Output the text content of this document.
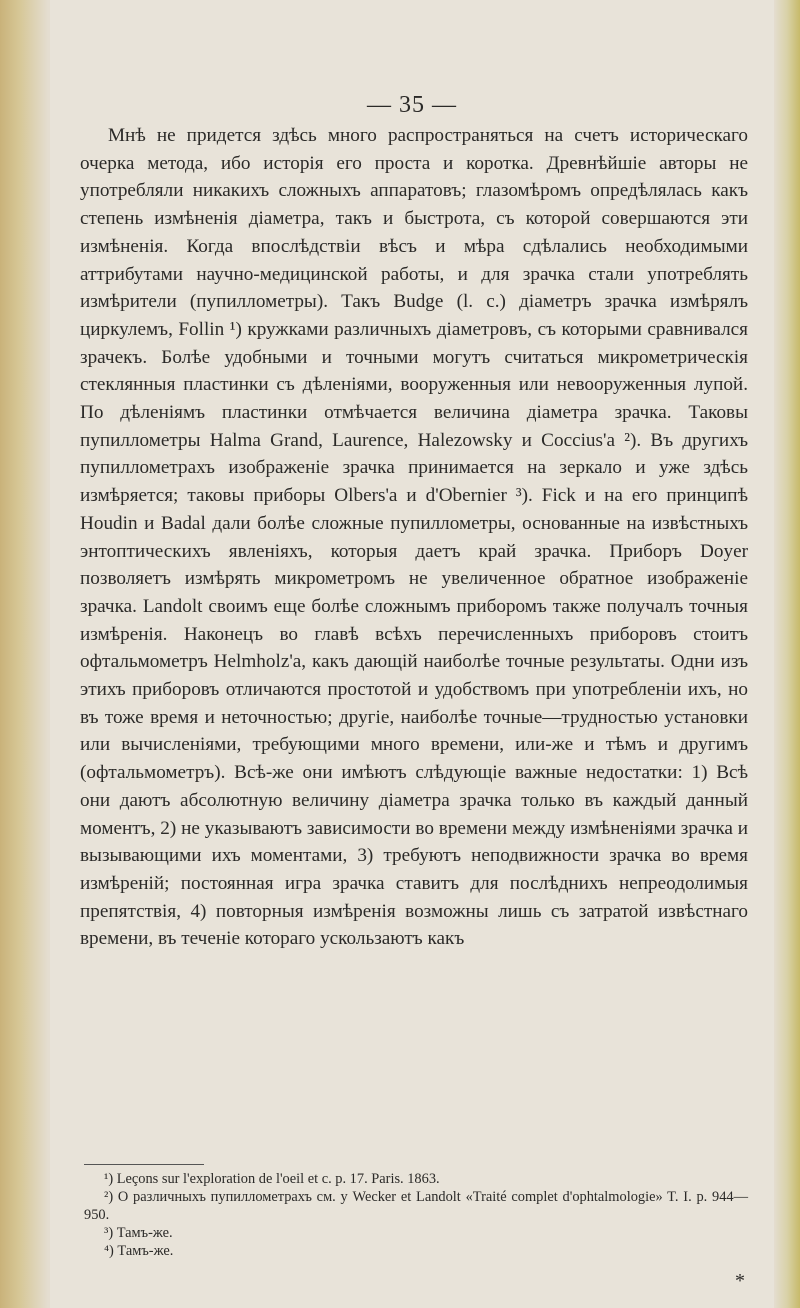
— 35 —

Мнѣ не придется здѣсь много распространяться на счетъ историческаго очерка метода, ибо исторія его проста и коротка. Древнѣйшіе авторы не употребляли никакихъ сложныхъ аппаратовъ; глазомѣромъ опредѣлялась какъ степень измѣненія діаметра, такъ и быстрота, съ которой совершаются эти измѣненія. Когда впослѣдствіи вѣсъ и мѣра сдѣлались необходимыми аттрибутами научно-медицинской работы, и для зрачка стали употреблять измѣрители (пупиллометры). Такъ Budge (l. c.) діаметръ зрачка измѣрялъ циркулемъ, Follin ¹) кружками различныхъ діаметровъ, съ которыми сравнивался зрачекъ. Болѣе удобными и точными могутъ считаться микрометрическія стеклянныя пластинки съ дѣленіями, вооруженныя или невооруженныя лупой. По дѣленіямъ пластинки отмѣчается величина діаметра зрачка. Таковы пупиллометры Halma Grand, Laurence, Halezowsky и Coccius'a ²). Въ другихъ пупиллометрахъ изображеніе зрачка принимается на зеркало и уже здѣсь измѣряется; таковы приборы Olbers'a и d'Obernier ³). Fick и на его принципѣ Houdin и Badal дали болѣе сложные пупиллометры, основанные на извѣстныхъ энтоптическихъ явленіяхъ, которыя даетъ край зрачка. Приборъ Doyer позволяетъ измѣрять микрометромъ не увеличенное обратное изображеніе зрачка. Landolt своимъ еще болѣе сложнымъ приборомъ также получалъ точныя измѣренія. Наконецъ во главѣ всѣхъ перечисленныхъ приборовъ стоитъ офтальмометръ Helmholz'a, какъ дающій наиболѣе точные результаты. Одни изъ этихъ приборовъ отличаются простотой и удобствомъ при употребленіи ихъ, но въ тоже время и неточностью; другіе, наиболѣе точные—трудностью установки или вычисленіями, требующими много времени, или-же и тѣмъ и другимъ (офтальмометръ). Всѣ-же они имѣютъ слѣдующіе важные недостатки: 1) Всѣ они даютъ абсолютную величину діаметра зрачка только въ каждый данный моментъ, 2) не указываютъ зависимости во времени между измѣненіями зрачка и вызывающими ихъ моментами, 3) требуютъ неподвижности зрачка во время измѣреній; постоянная игра зрачка ставитъ для послѣднихъ непреодолимыя препятствія, 4) повторныя измѣренія возможны лишь съ затратой извѣстнаго времени, въ теченіе котораго ускользаютъ какъ

¹) Leçons sur l'exploration de l'oeil et c. p. 17. Paris. 1863.

²) О различныхъ пупиллометрахъ см. у Wecker et Landolt «Traité complet d'ophtalmologie» T. I. p. 944—950.

³) Тамъ-же.

⁴) Тамъ-же.

*
